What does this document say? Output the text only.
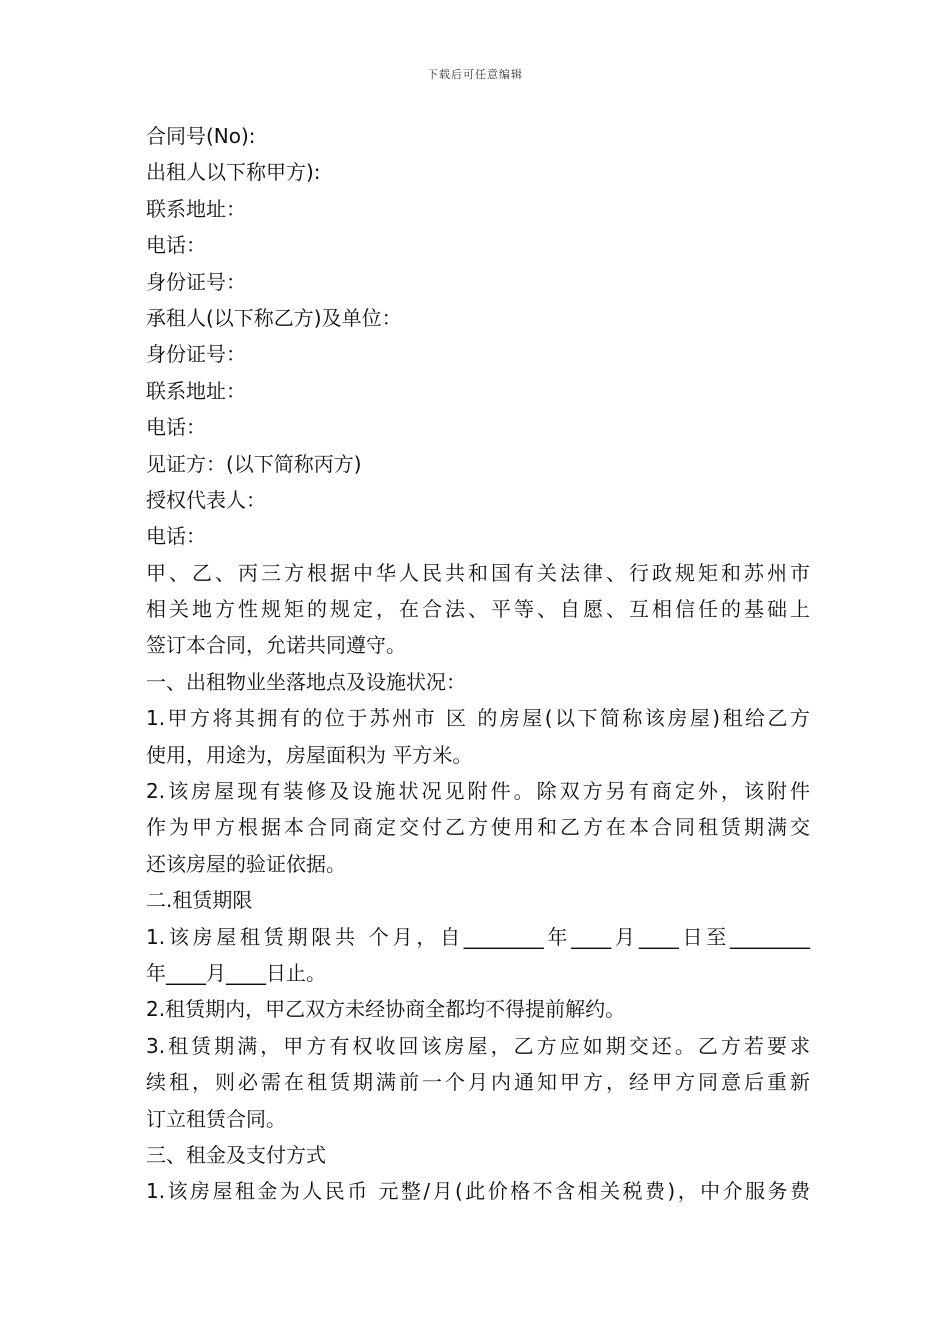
下载后可任意编辑
合同号(No):
出租人以下称甲方):
联系地址：
电话：
身份证号：
承租人(以下称乙方)及单位：
身份证号：
联系地址：
电话：
见证方：(以下简称丙方)
授权代表人：
电话：
甲、乙、丙三方根据中华人民共和国有关法律、行政规矩和苏州市
相关地方性规矩的规定，在合法、平等、自愿、互相信任的基础上
签订本合同，允诺共同遵守。
一、出租物业坐落地点及设施状况：
1.甲方将其拥有的位于苏州市 区 的房屋(以下简称该房屋)租给乙方
使用，用途为，房屋面积为 平方米。
2.该房屋现有装修及设施状况见附件。除双方另有商定外，该附件
作为甲方根据本合同商定交付乙方使用和乙方在本合同租赁期满交
还该房屋的验证依据。
二.租赁期限
1.该房屋租赁期限共 个月，自________年____月____日至________
年____月____日止。
2.租赁期内，甲乙双方未经协商全都均不得提前解约。
3.租赁期满，甲方有权收回该房屋，乙方应如期交还。乙方若要求
续租，则必需在租赁期满前一个月内通知甲方，经甲方同意后重新
订立租赁合同。
三、租金及支付方式
1.该房屋租金为人民币 元整/月(此价格不含相关税费)，中介服务费
